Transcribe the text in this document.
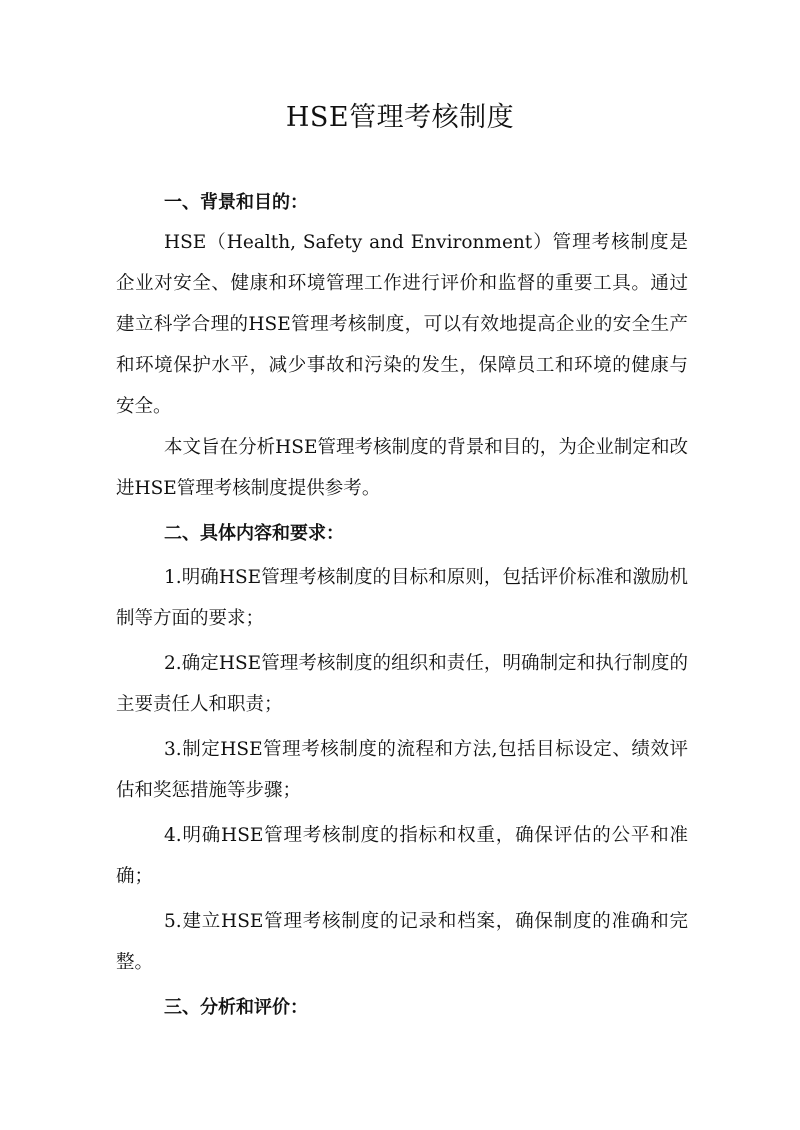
HSE管理考核制度
一、背景和目的：

HSE（Health, Safety and Environment）管理考核制度是企业对安全、健康和环境管理工作进行评价和监督的重要工具。通过建立科学合理的HSE管理考核制度，可以有效地提高企业的安全生产和环境保护水平，减少事故和污染的发生，保障员工和环境的健康与安全。

本文旨在分析HSE管理考核制度的背景和目的，为企业制定和改进HSE管理考核制度提供参考。

二、具体内容和要求：

1.明确HSE管理考核制度的目标和原则，包括评价标准和激励机制等方面的要求；

2.确定HSE管理考核制度的组织和责任，明确制定和执行制度的主要责任人和职责；

3.制定HSE管理考核制度的流程和方法,包括目标设定、绩效评估和奖惩措施等步骤；

4.明确HSE管理考核制度的指标和权重，确保评估的公平和准确；

5.建立HSE管理考核制度的记录和档案，确保制度的准确和完整。

三、分析和评价：
